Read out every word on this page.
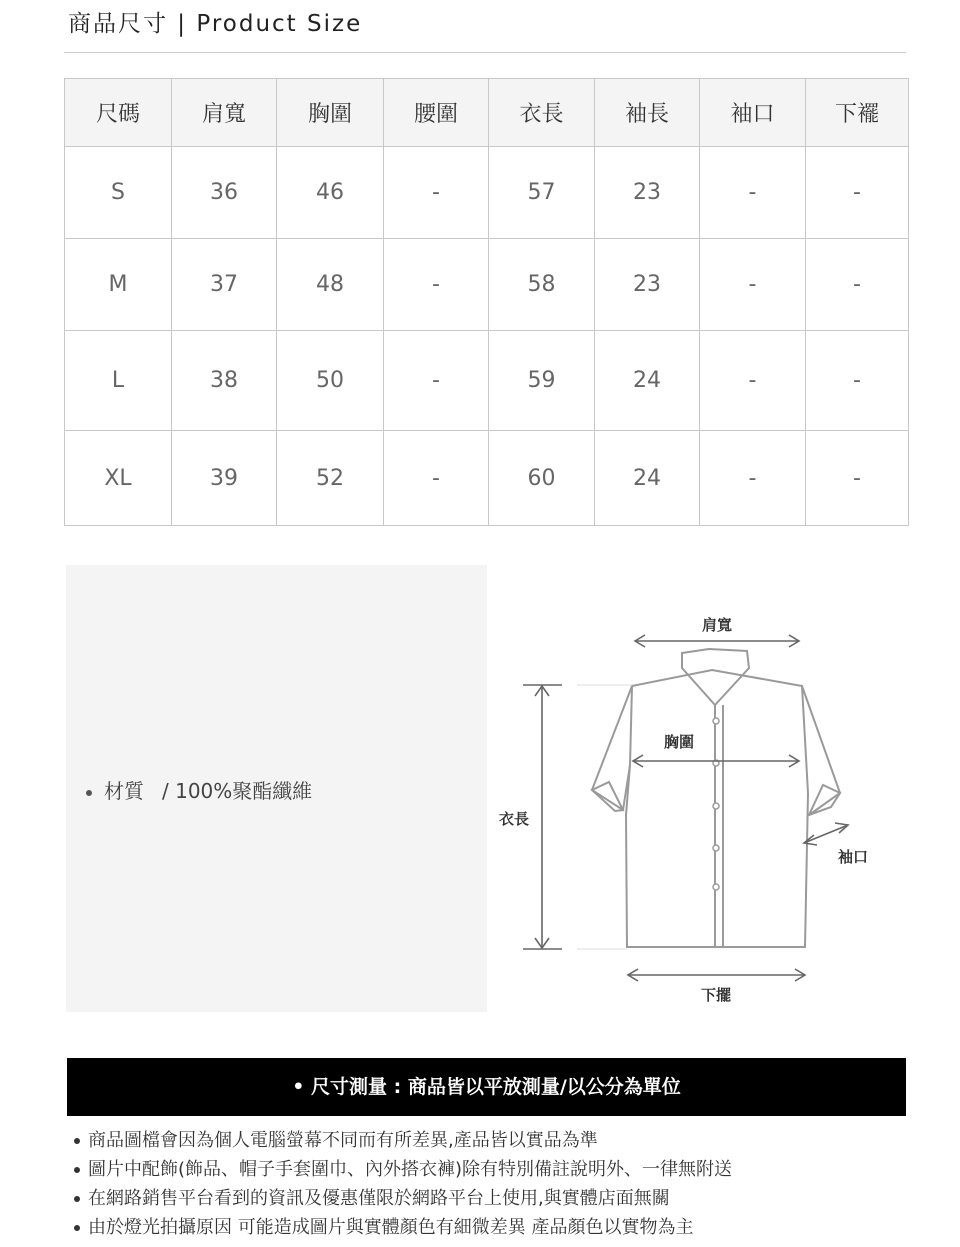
商品尺寸 | Product Size
尺碼	肩寬	胸圍	腰圍	衣長	袖長	袖口	下襬
S	36	46	-	57	23	-	-
M	37	48	-	58	23	-	-
L	38	50	-	59	24	-	-
XL	39	52	-	60	24	-	-
材質 / 100%聚酯纖維
肩寬
胸圍
衣長
袖口
下擺
• 尺寸測量 : 商品皆以平放測量/以公分為單位
商品圖檔會因為個人電腦螢幕不同而有所差異,產品皆以實品為準
圖片中配飾(飾品、帽子手套圍巾、內外搭衣褲)除有特別備註說明外、一律無附送
在網路銷售平台看到的資訊及優惠僅限於網路平台上使用,與實體店面無關
由於燈光拍攝原因 可能造成圖片與實體顏色有細微差異 產品顏色以實物為主
